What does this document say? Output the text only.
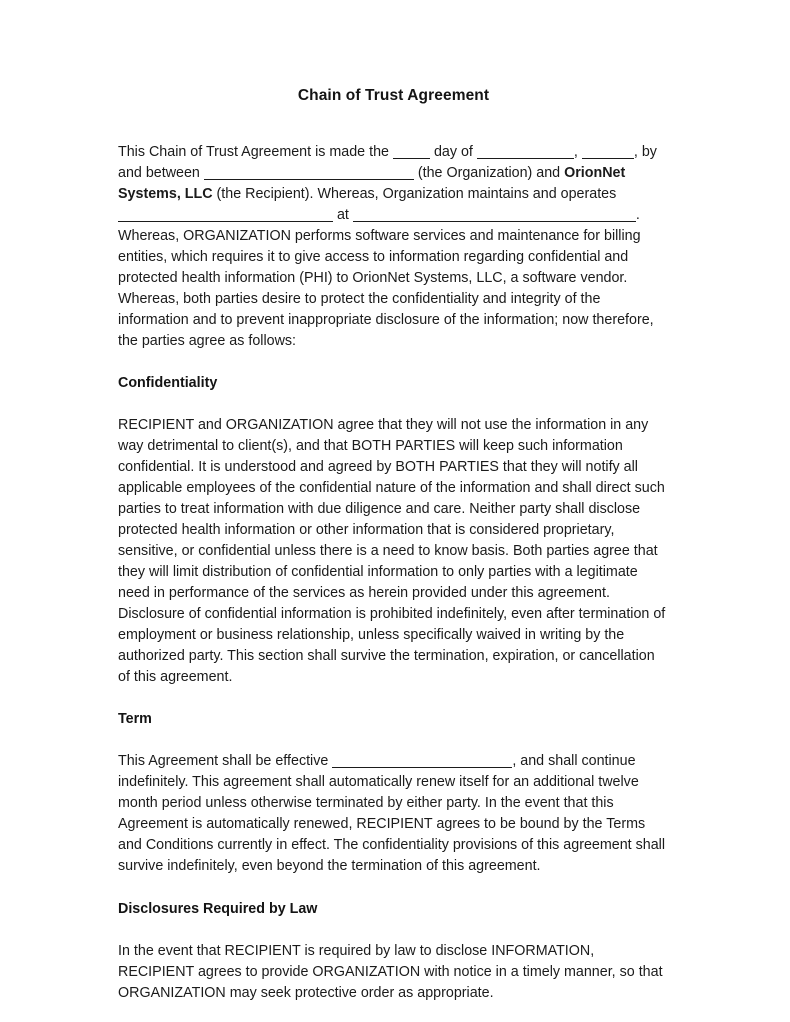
Chain of Trust Agreement

This Chain of Trust Agreement is made the	day of	,	, by and between	(the Organization) and OrionNet Systems, LLC (the Recipient). Whereas, Organization maintains and operates  at	.

Whereas, ORGANIZATION performs software services and maintenance for billing entities, which requires it to give access to information regarding confidential and protected health information (PHI) to OrionNet Systems, LLC, a software vendor. Whereas, both parties desire to protect the confidentiality and integrity of the information and to prevent inappropriate disclosure of the information; now therefore, the parties agree as follows:

Confidentiality

RECIPIENT and ORGANIZATION agree that they will not use the information in any way detrimental to client(s), and that BOTH PARTIES will keep such information confidential. It is understood and agreed by BOTH PARTIES that they will notify all applicable employees of the confidential nature of the information and shall direct such parties to treat information with due diligence and care. Neither party shall disclose protected health information or other information that is considered proprietary, sensitive, or confidential unless there is a need to know basis. Both parties agree that they will limit distribution of confidential information to only parties with a legitimate need in performance of the services as herein provided under this agreement. Disclosure of confidential information is prohibited indefinitely, even after termination of employment or business relationship, unless specifically waived in writing by the authorized party. This section shall survive the termination, expiration, or cancellation of this agreement.

Term

This Agreement shall be effective	, and shall continue indefinitely. This agreement shall automatically renew itself for an additional twelve month period unless otherwise terminated by either party. In the event that this Agreement is automatically renewed, RECIPIENT agrees to be bound by the Terms and Conditions currently in effect. The confidentiality provisions of this agreement shall survive indefinitely, even beyond the termination of this agreement.

Disclosures Required by Law

In the event that RECIPIENT is required by law to disclose INFORMATION, RECIPIENT agrees to provide ORGANIZATION with notice in a timely manner, so that ORGANIZATION may seek protective order as appropriate.
